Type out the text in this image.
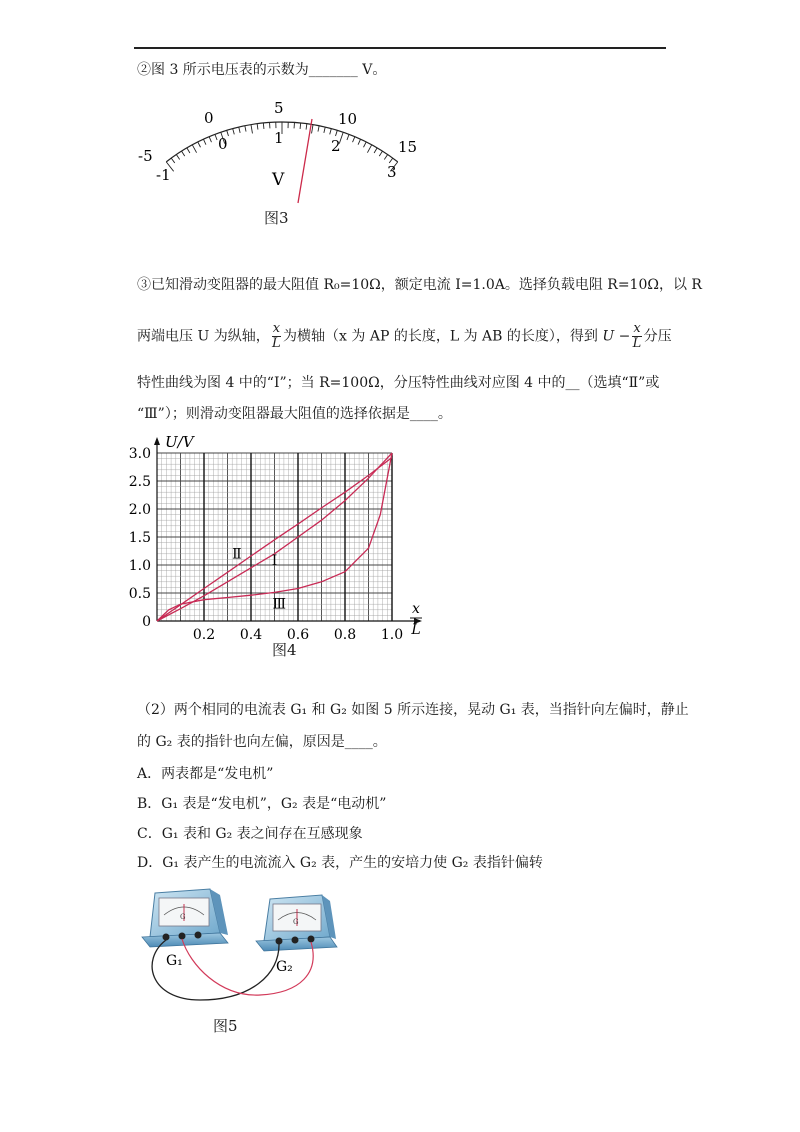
②图 3 所示电压表的示数为_______ V。
-5
0
5
10
15
-1
0	1	2
3
V
图3
③已知滑动变阻器的最大阻值 R₀=10Ω，额定电流 I=1.0A。选择负载电阻 R=10Ω，以 R
两端电压 U 为纵轴， $\frac{x}{L}$ 为横轴（x 为 AP 的长度，L 为 AB 的长度），得到 $U - \frac{x}{L}$ 分压
特性曲线为图 4 中的“I”；当 R=100Ω，分压特性曲线对应图 4 中的__（选填“Ⅱ”或
“Ⅲ”）；则滑动变阻器最大阻值的选择依据是____。
0
0.5
1.0
1.5
2.0
2.5
3.0
0.2 0.4 0.6 0.8 1.0
U/V
x
L
I
Ⅱ
Ⅲ
图4
（2）两个相同的电流表 G₁ 和 G₂ 如图 5 所示连接，晃动 G₁ 表，当指针向左偏时，静止
的 G₂ 表的指针也向左偏，原因是____。
A．两表都是“发电机”
B．G₁ 表是“发电机”，G₂ 表是“电动机”
C．G₁ 表和 G₂ 表之间存在互感现象
D．G₁ 表产生的电流流入 G₂ 表，产生的安培力使 G₂ 表指针偏转
G
G
G₁	G₂
图5
